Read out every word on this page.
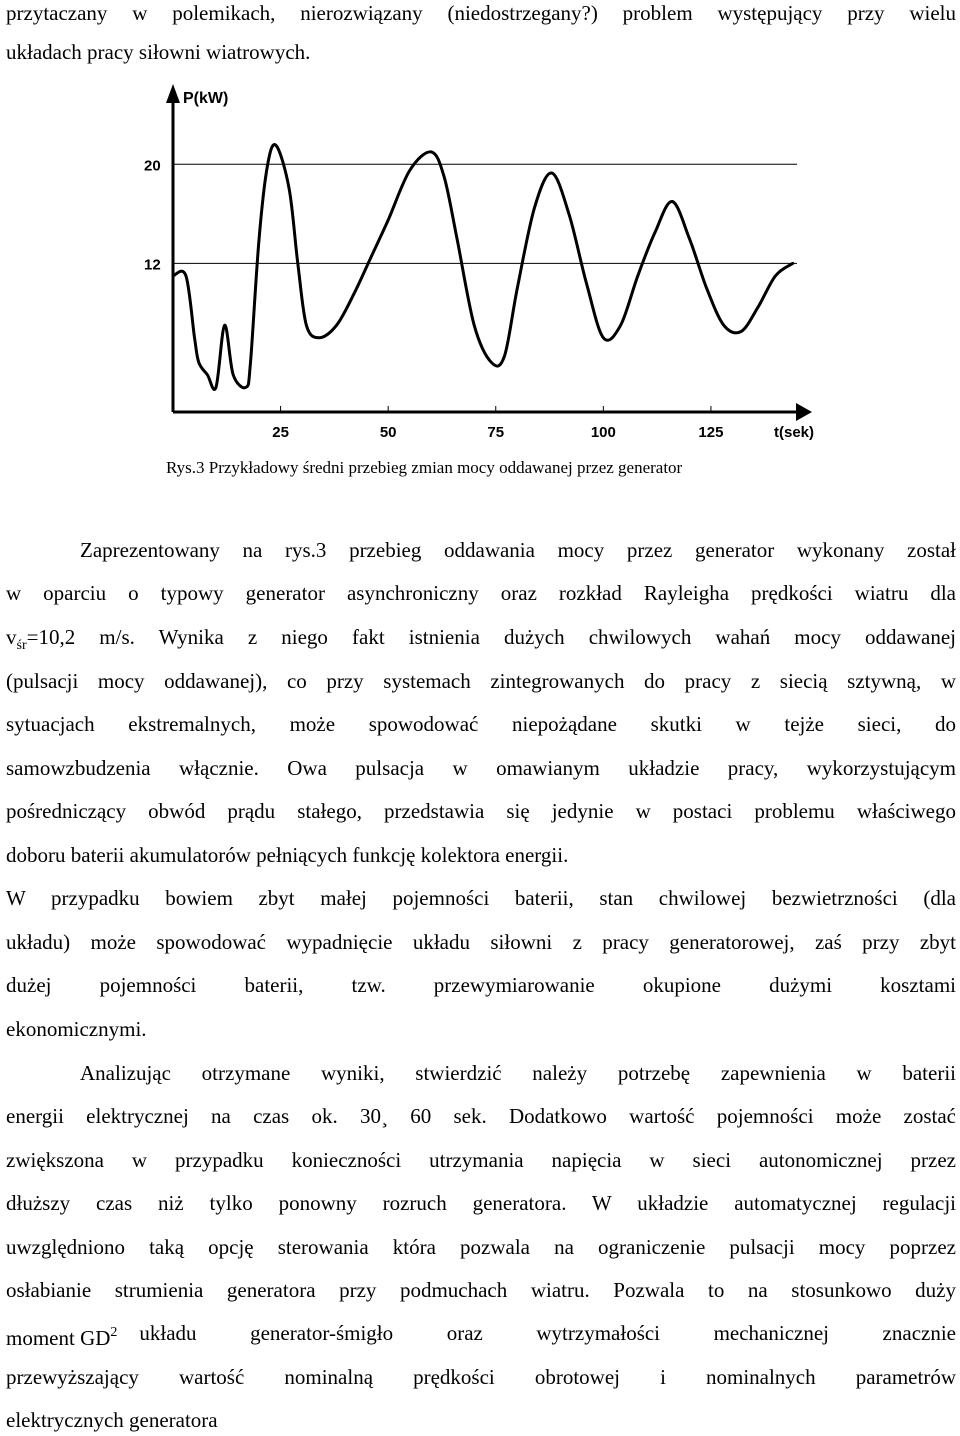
przytaczany w polemikach, nierozwiązany (niedostrzegany?) problem występujący przy wielu
układach pracy siłowni wiatrowych.
P(kW)
t(sek)
20
12
25	50	75	100	125
Rys.3 Przykładowy średni przebieg zmian mocy oddawanej przez generator
Zaprezentowany na rys.3 przebieg oddawania mocy przez generator wykonany został
w oparciu o typowy generator asynchroniczny oraz rozkład Rayleigha prędkości wiatru dla
$v_{śr}=10,2$ m/s. Wynika z niego fakt istnienia dużych chwilowych wahań mocy oddawanej
(pulsacji mocy oddawanej), co przy systemach zintegrowanych do pracy z siecią sztywną, w
sytuacjach ekstremalnych, może spowodować niepożądane skutki w tejże sieci, do
samowzbudzenia włącznie. Owa pulsacja w omawianym układzie pracy, wykorzystującym
pośredniczący obwód prądu stałego, przedstawia się jedynie w postaci problemu właściwego
doboru baterii akumulatorów pełniących funkcję kolektora energii.
W przypadku bowiem zbyt małej pojemności baterii, stan chwilowej bezwietrzności (dla
układu) może spowodować wypadnięcie układu siłowni z pracy generatorowej, zaś przy zbyt
dużej pojemności baterii, tzw. przewymiarowanie okupione dużymi kosztami
ekonomicznymi.
Analizując otrzymane wyniki, stwierdzić należy potrzebę zapewnienia w baterii
energii elektrycznej na czas ok. 30¸ 60 sek. Dodatkowo wartość pojemności może zostać
zwiększona w przypadku konieczności utrzymania napięcia w sieci autonomicznej przez
dłuższy czas niż tylko ponowny rozruch generatora. W układzie automatycznej regulacji
uwzględniono taką opcję sterowania która pozwala na ograniczenie pulsacji mocy poprzez
osłabianie strumienia generatora przy podmuchach wiatru. Pozwala to na stosunkowo duży
moment $GD^2$	układu generator-śmigło oraz wytrzymałości mechanicznej znacznie
przewyższający wartość nominalną prędkości obrotowej i nominalnych parametrów
elektrycznych generatora
